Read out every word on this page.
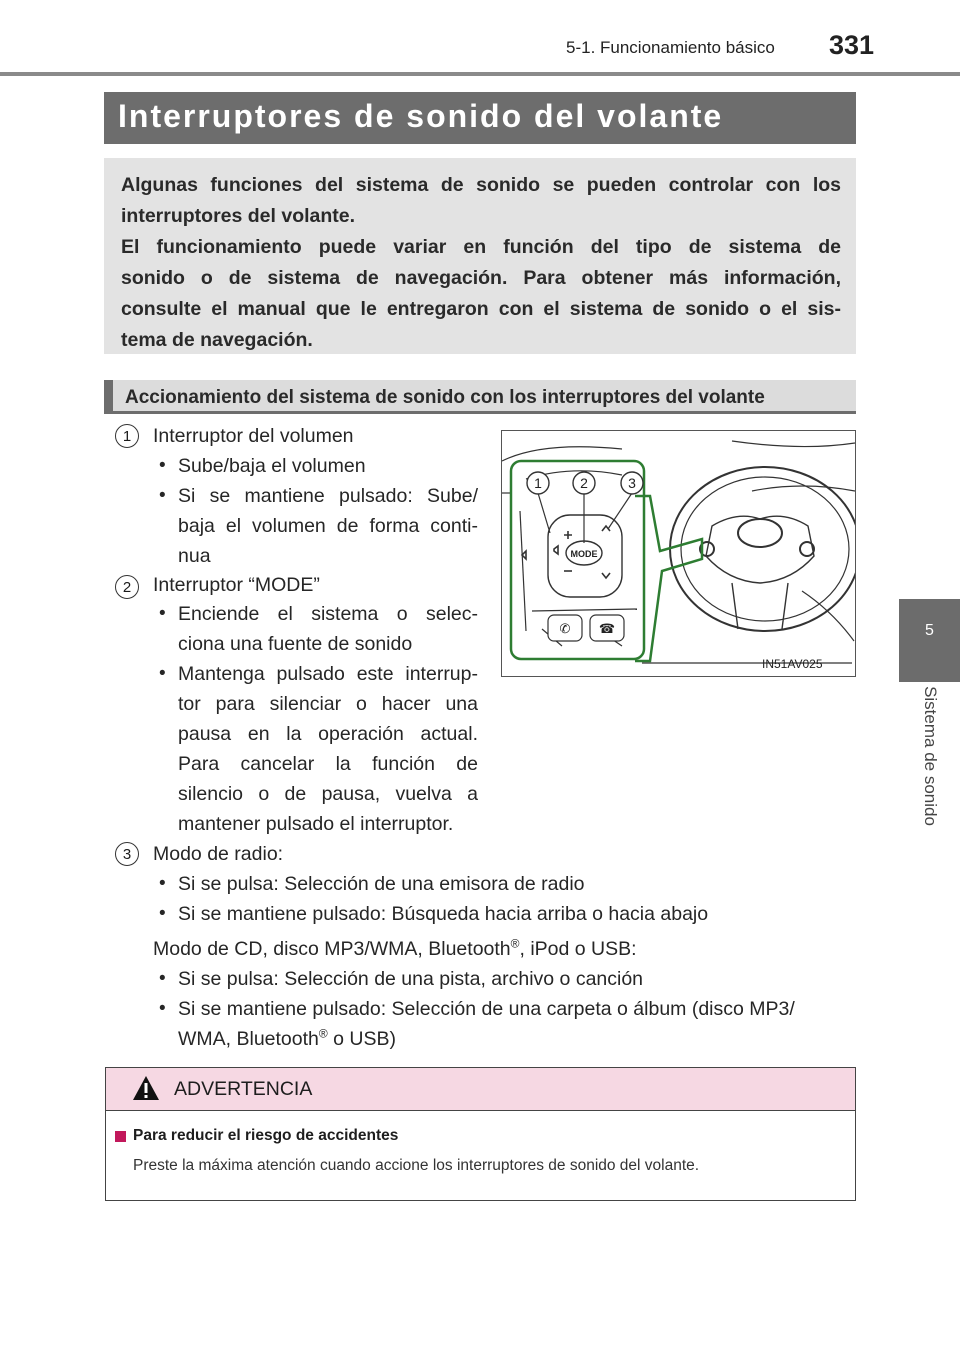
5-1. Funcionamiento básico 331
5
Sistema de sonido
Interruptores de sonido del volante
Algunas funciones del sistema de sonido se pueden controlar con los
interruptores del volante.
El funcionamiento puede variar en función del tipo de sistema de
sonido o de sistema de navegación. Para obtener más información,
consulte el manual que le entregaron con el sistema de sonido o el sis-
tema de navegación.
Accionamiento del sistema de sonido con los interruptores del volante
1	Interruptor del volumen
• Sube/baja el volumen
• Si se mantiene pulsado: Sube/
baja el volumen de forma conti-
nua
2	Interruptor “MODE”
• Enciende el sistema o selec-
ciona una fuente de sonido
• Mantenga pulsado este interrup-
tor para silenciar o hacer una
pausa en la operación actual.
Para cancelar la función de
silencio o de pausa, vuelva a
mantener pulsado el interruptor.
3	Modo de radio:
• Si se pulsa: Selección de una emisora de radio
• Si se mantiene pulsado: Búsqueda hacia arriba o hacia abajo
Modo de CD, disco MP3/WMA, Bluetooth®, iPod o USB:
• Si se pulsa: Selección de una pista, archivo o canción
• Si se mantiene pulsado: Selección de una carpeta o álbum (disco MP3/
WMA, Bluetooth® o USB)
MODE
✆ ☎
1	2	3
IN51AV025
ADVERTENCIA
Para reducir el riesgo de accidentes
Preste la máxima atención cuando accione los interruptores de sonido del volante.
